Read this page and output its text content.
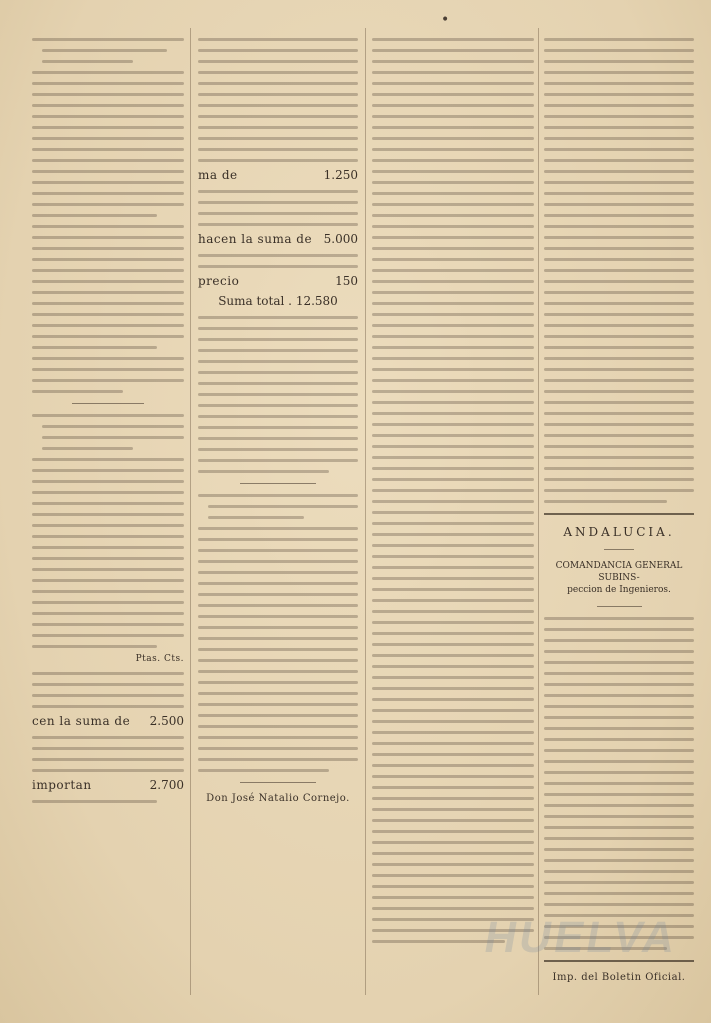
•
Ptas. Cts.
cen la suma de 2.500
importan	2.700
ma de	1.250
hacen la suma de 5.000
precio	150
Suma total . 12.580
Don José Natalio Cornejo.
ANDALUCIA.
COMANDANCIA GENERAL SUBINS-
peccion de Ingenieros.
Imp. del Boletin Oficial.
HUELVA
